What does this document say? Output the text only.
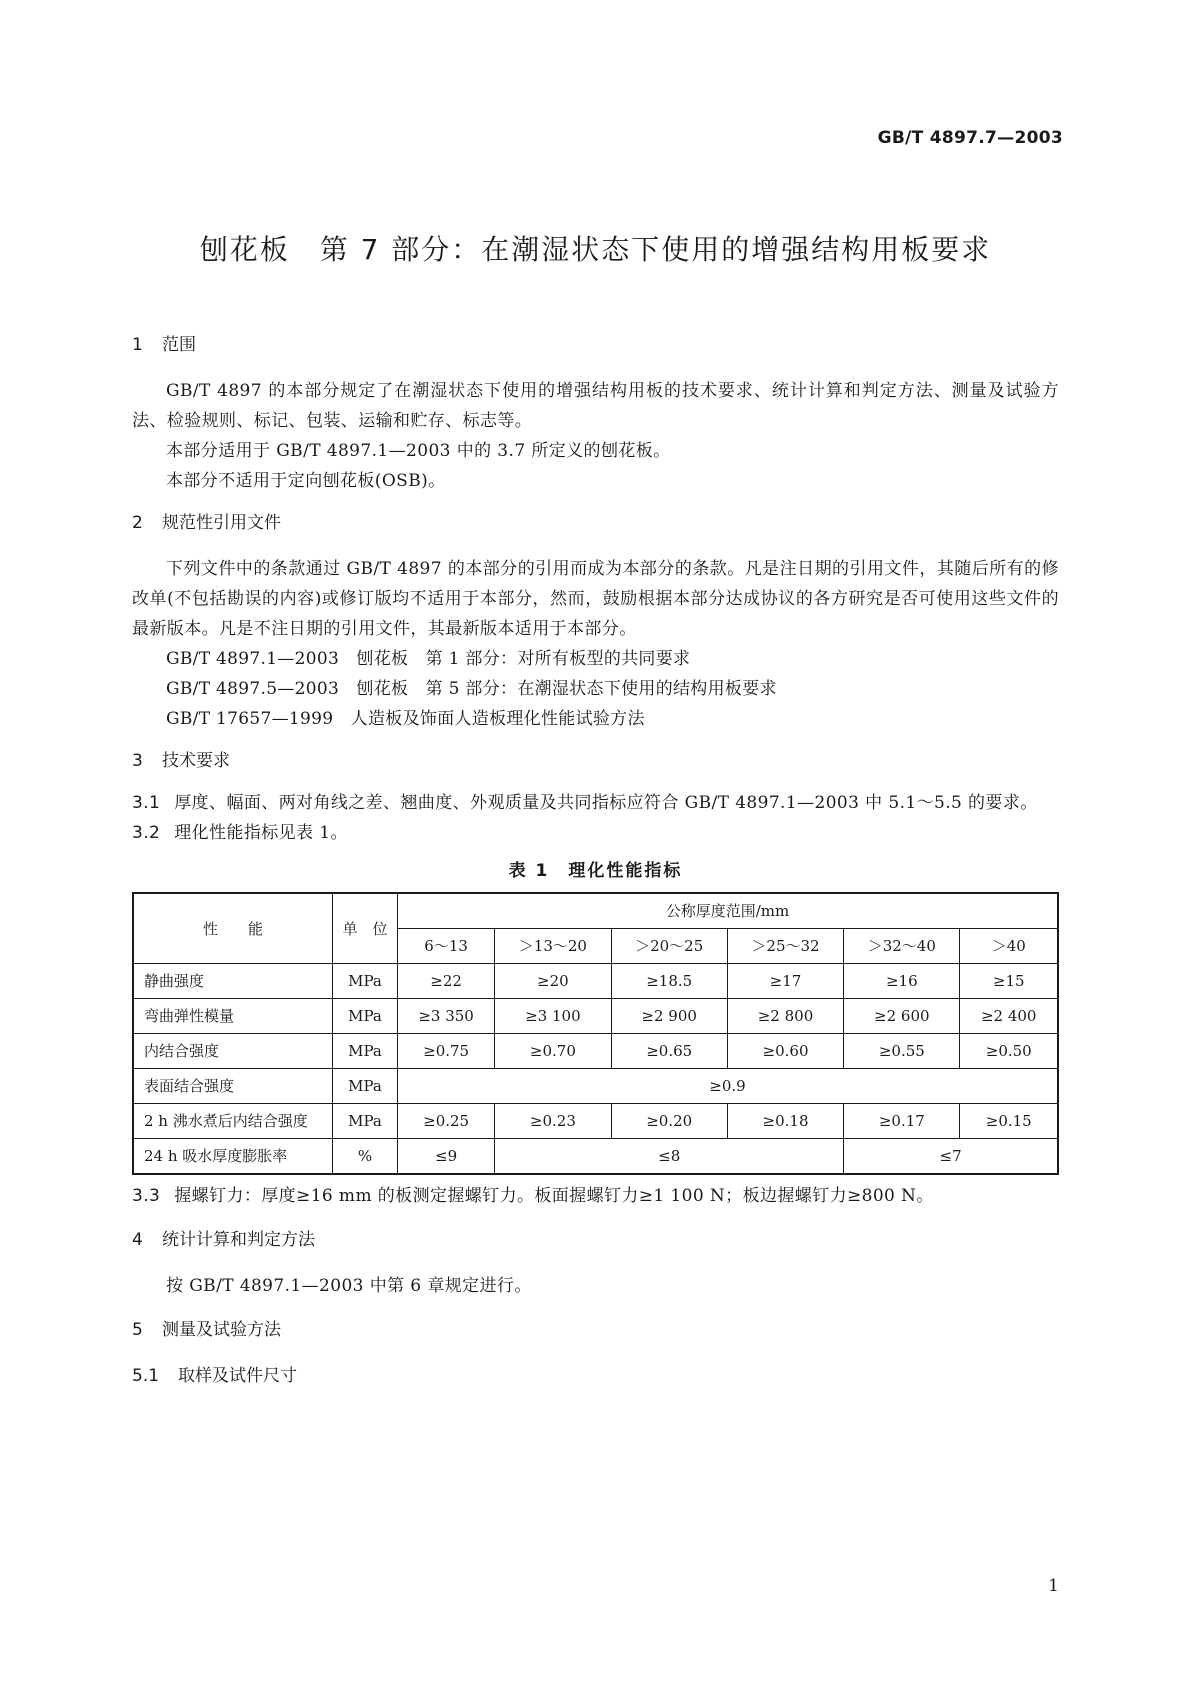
GB/T 4897.7—2003
刨花板　第 7 部分：在潮湿状态下使用的增强结构用板要求

1 范围

GB/T 4897 的本部分规定了在潮湿状态下使用的增强结构用板的技术要求、统计计算和判定方法、测量及试验方法、检验规则、标记、包装、运输和贮存、标志等。

本部分适用于 GB/T 4897.1—2003 中的 3.7 所定义的刨花板。

本部分不适用于定向刨花板(OSB)。

2 规范性引用文件

下列文件中的条款通过 GB/T 4897 的本部分的引用而成为本部分的条款。凡是注日期的引用文件，其随后所有的修改单(不包括勘误的内容)或修订版均不适用于本部分，然而，鼓励根据本部分达成协议的各方研究是否可使用这些文件的最新版本。凡是不注日期的引用文件，其最新版本适用于本部分。

GB/T 4897.1—2003　刨花板　第 1 部分：对所有板型的共同要求

GB/T 4897.5—2003　刨花板　第 5 部分：在潮湿状态下使用的结构用板要求

GB/T 17657—1999　人造板及饰面人造板理化性能试验方法

3 技术要求

3.1 厚度、幅面、两对角线之差、翘曲度、外观质量及共同指标应符合 GB/T 4897.1—2003 中 5.1～5.5 的要求。

3.2 理化性能指标见表 1。

表 1　理化性能指标
性　　能	单　位	公称厚度范围/mm					
		6～13	＞13～20	＞20～25	＞25～32	＞32～40	＞40
静曲强度	MPa	≥22	≥20	≥18.5	≥17	≥16	≥15
弯曲弹性模量	MPa	≥3 350	≥3 100	≥2 900	≥2 800	≥2 600	≥2 400
内结合强度	MPa	≥0.75	≥0.70	≥0.65	≥0.60	≥0.55	≥0.50
表面结合强度	MPa	≥0.9					
2 h 沸水煮后内结合强度	MPa	≥0.25	≥0.23	≥0.20	≥0.18	≥0.17	≥0.15
24 h 吸水厚度膨胀率	%	≤9	≤8			≤7	

3.3 握螺钉力：厚度≥16 mm 的板测定握螺钉力。板面握螺钉力≥1 100 N；板边握螺钉力≥800 N。

4 统计计算和判定方法

按 GB/T 4897.1—2003 中第 6 章规定进行。

5 测量及试验方法

5.1 取样及试件尺寸

1
